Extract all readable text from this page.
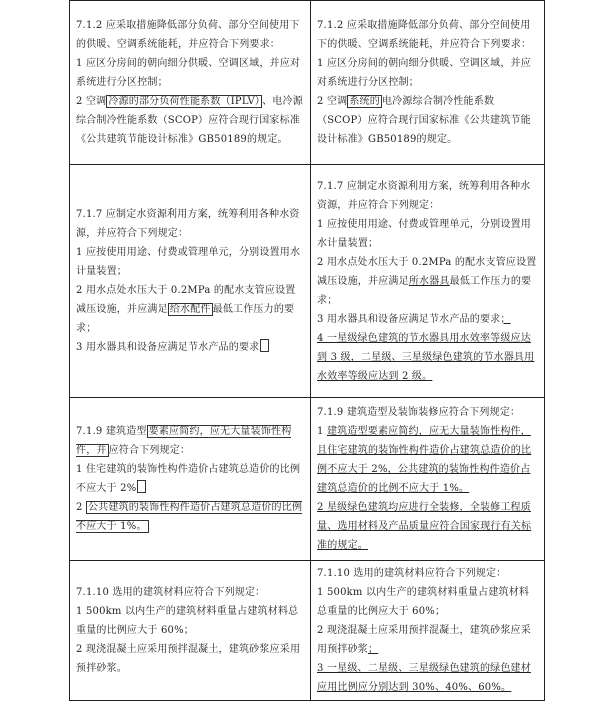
7.1.2 应采取措施降低部分负荷、部分空间使用下的供暖、空调系统能耗，并应符合下列要求：
1 应区分房间的朝向细分供暖、空调区域，并应对系统进行分区控制；
2 空调 冷源的部分负荷性能系数（IPLV） 、电冷源综合制冷性能系数（SCOP）应符合现行国家标准《公共建筑节能设计标准》GB50189的规定。	7.1.2 应采取措施降低部分负荷、部分空间使用下的供暖、空调系统能耗，并应符合下列要求：
1 应区分房间的朝向细分供暖、空调区域，并应对系统进行分区控制；
2 空调 系统的 电冷源综合制冷性能系数（SCOP）应符合现行国家标准《公共建筑节能设计标准》GB50189的规定。

7.1.7 应制定水资源利用方案，统筹利用各种水资源，并应符合下列规定：
1 应按使用用途、付费或管理单元，分别设置用水计量装置；
2 用水点处水压大于 0.2MPa 的配水支管应设置减压设施，并应满足 给水配件 最低工作压力的要求；
3 用水器具和设备应满足节水产品的要求	7.1.7 应制定水资源利用方案，统筹利用各种水资源，并应符合下列规定：
1 应按使用用途、付费或管理单元，分别设置用水计量装置；
2 用水点处水压大于 0.2MPa 的配水支管应设置减压设施，并应满足所水器具最低工作压力的要求；
3 用水器具和设备应满足节水产品的要求；
4 一星级绿色建筑的节水器具用水效率等级应达到 3 级，二星级、三星级绿色建筑的节水器具用水效率等级应达到 2 级。

7.1.9 建筑造型 要素应简约，应无大量装饰性构件，并 应符合下列规定：
1 住宅建筑的装饰性构件造价占建筑总造价的比例不应大于 2%
2 公共建筑的装饰性构件造价占建筑总造价的比例不应大于 1%。	7.1.9 建筑造型及装饰装修应符合下列规定：
1 建筑造型要素应简约，应无大量装饰性构件，且住宅建筑的装饰性构件造价占建筑总造价的比例不应大于 2%，公共建筑的装饰性构件造价占建筑总造价的比例不应大于 1%。
2 星级绿色建筑均应进行全装修，全装修工程质量、选用材料及产品质量应符合国家现行有关标准的规定。

7.1.10 选用的建筑材料应符合下列规定：
1 500km 以内生产的建筑材料重量占建筑材料总重量的比例应大于 60%；
2 现浇混凝土应采用预拌混凝土，建筑砂浆应采用预拌砂浆。	7.1.10 选用的建筑材料应符合下列规定：
1 500km 以内生产的建筑材料重量占建筑材料总重量的比例应大于 60%；
2 现浇混凝土应采用预拌混凝土，建筑砂浆应采用预拌砂浆；
3 一星级、二星级、三星级绿色建筑的绿色建材应用比例应分别达到 30%、40%、60%。
